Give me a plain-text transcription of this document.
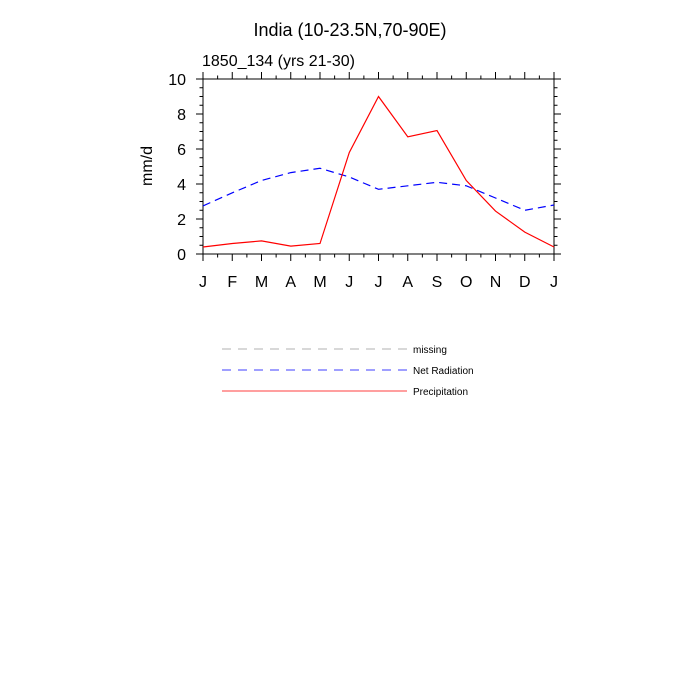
India (10-23.5N,70-90E)
1850_134 (yrs 21-30)
mm/d
J F M A M J J A S O N D J
0
2
4
6
8
10
missing
Net Radiation
Precipitation
